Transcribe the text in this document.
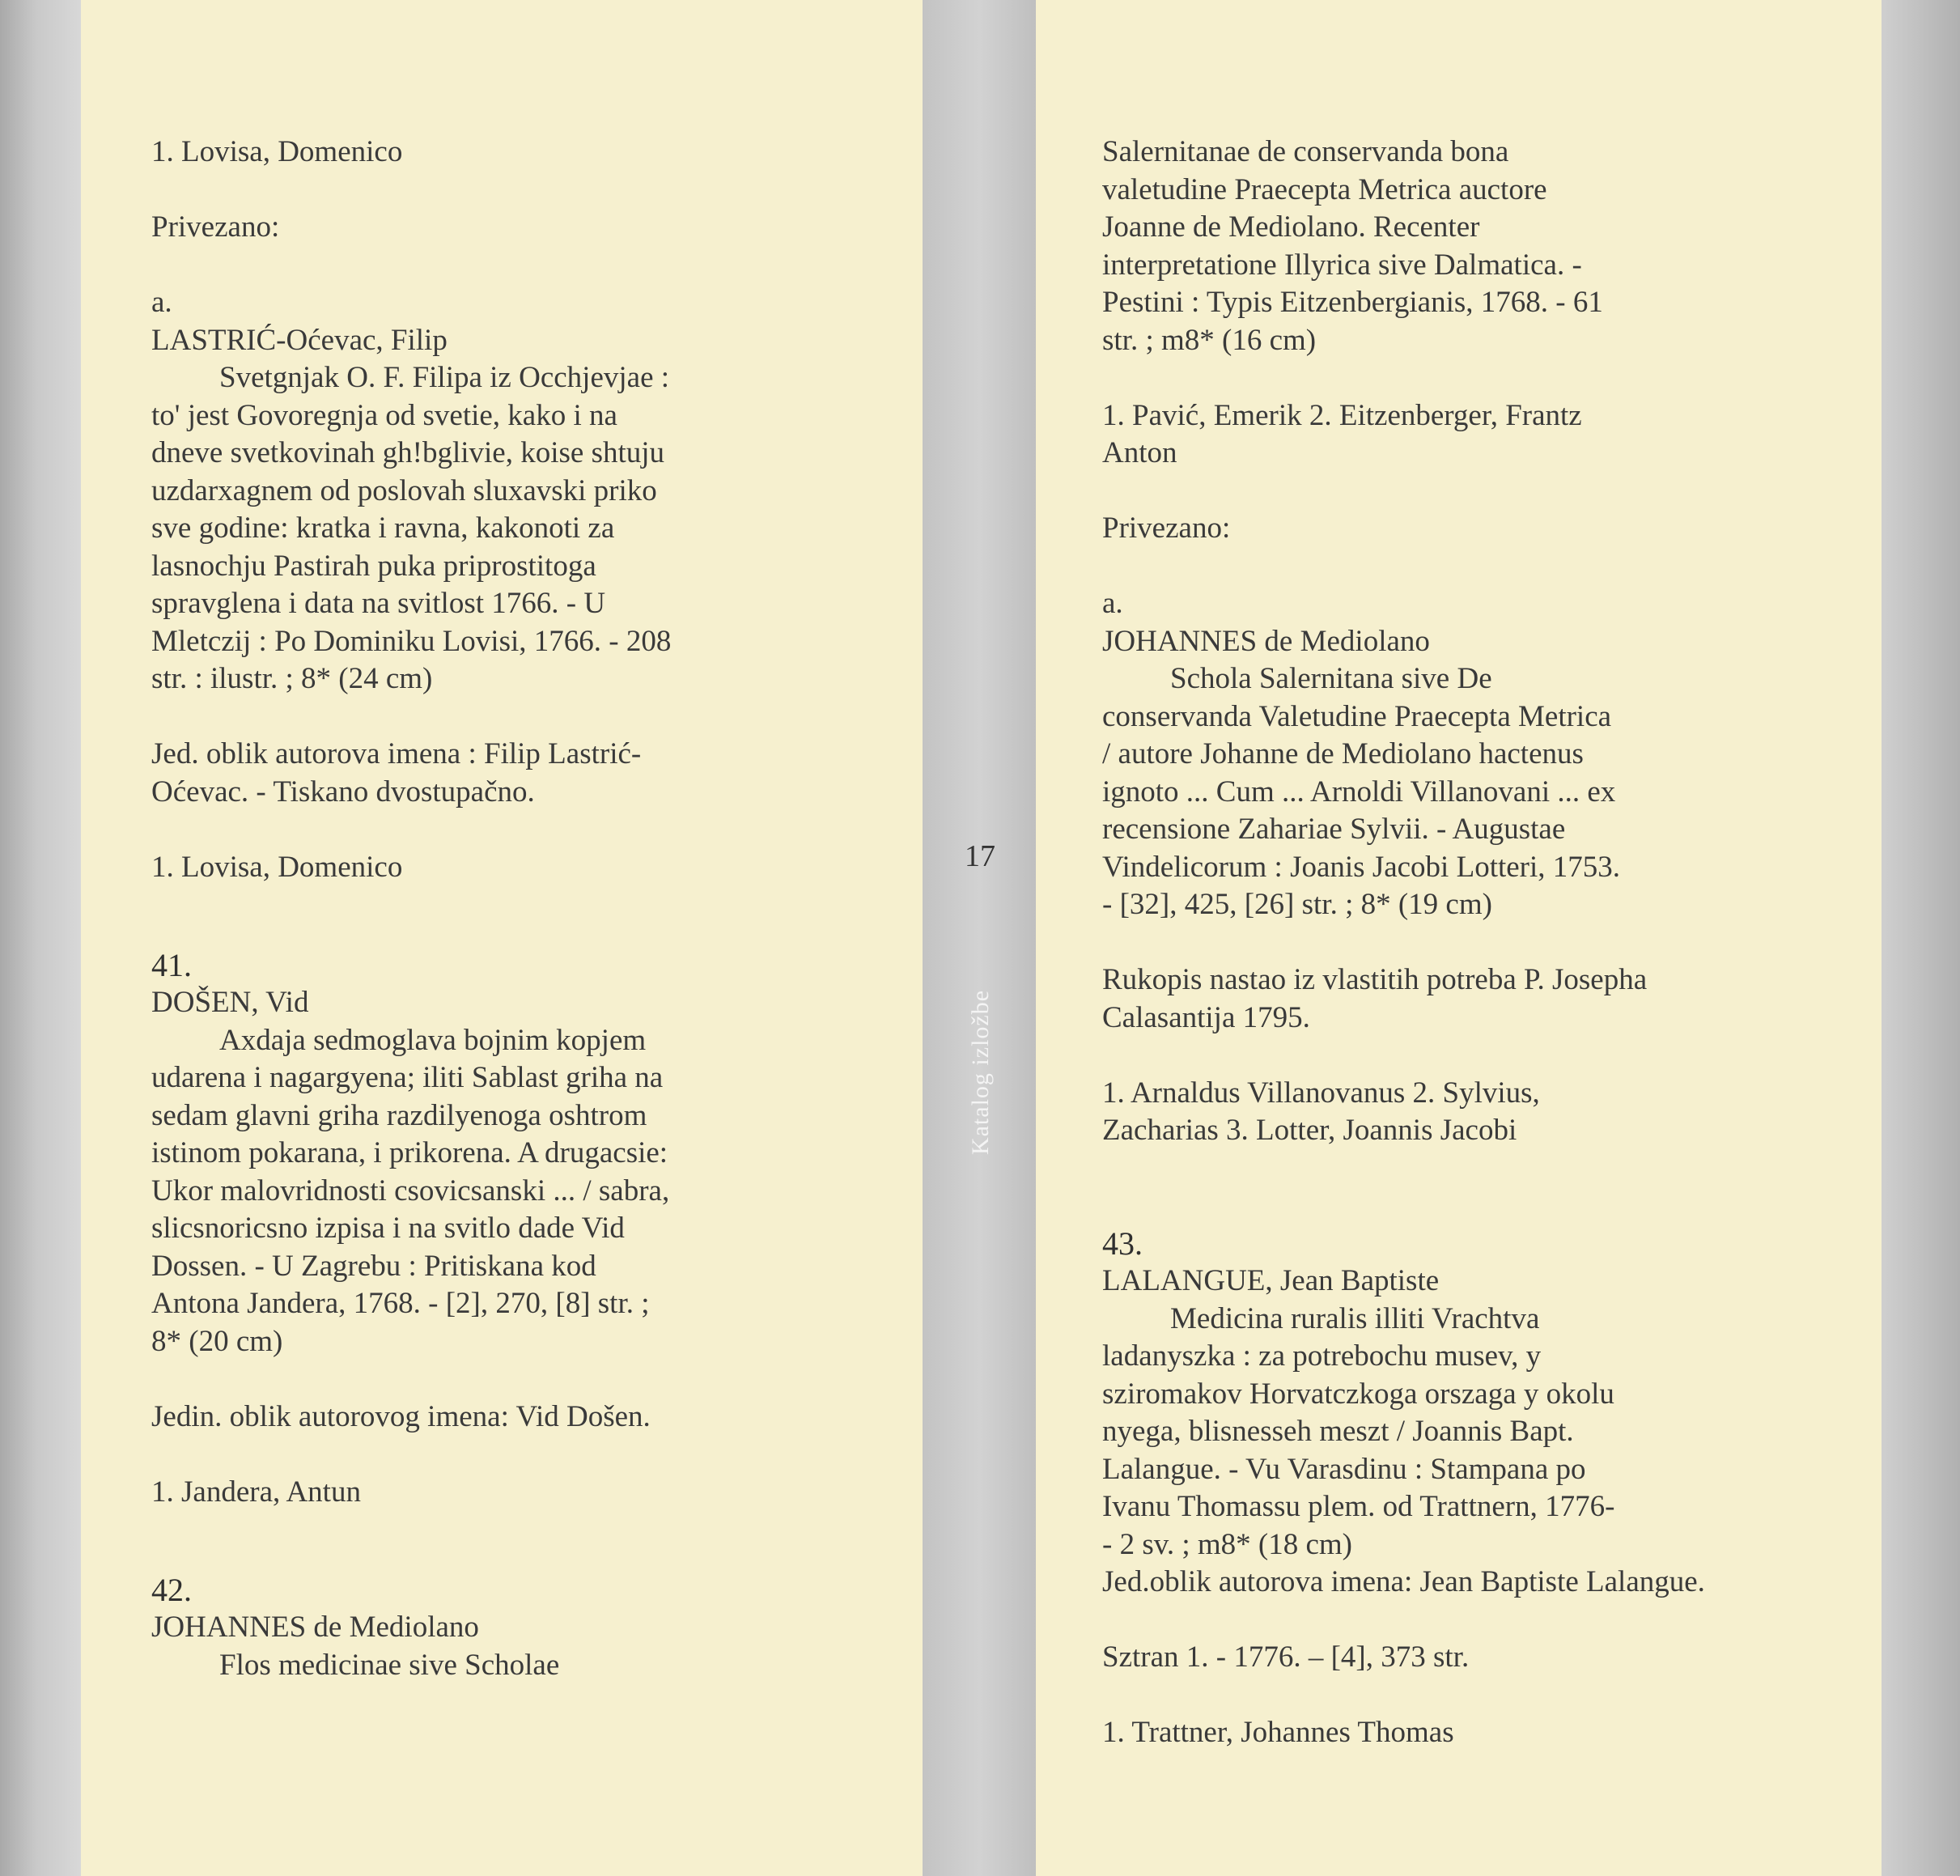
17
Katalog izložbe

1. Lovisa, Domenico

Privezano:

a.

LASTRIĆ-Oćevac, Filip

Svetgnjak O. F. Filipa iz Occhjevjae :
to' jest Govoregnja od svetie, kako i na
dneve svetkovinah gh!bglivie, koise shtuju
uzdarxagnem od poslovah sluxavski priko
sve godine: kratka i ravna, kakonoti za
lasnochju Pastirah puka priprostitoga
spravglena i data na svitlost 1766. - U
Mletczij : Po Dominiku Lovisi, 1766. - 208
str. : ilustr. ; 8* (24 cm)

Jed. oblik autorova imena : Filip Lastrić-
Oćevac. - Tiskano dvostupačno.

1. Lovisa, Domenico

41.

DOŠEN, Vid

Axdaja sedmoglava bojnim kopjem
udarena i nagargyena; iliti Sablast griha na
sedam glavni griha razdilyenoga oshtrom
istinom pokarana, i prikorena. A drugacsie:
Ukor malovridnosti csovicsanski ... / sabra,
slicsnoricsno izpisa i na svitlo dade Vid
Dossen. - U Zagrebu : Pritiskana kod
Antona Jandera, 1768. - [2], 270, [8] str. ;
8* (20 cm)

Jedin. oblik autorovog imena: Vid Došen.

1. Jandera, Antun

42.

JOHANNES de Mediolano

Flos medicinae sive Scholae

Salernitanae de conservanda bona
valetudine Praecepta Metrica auctore
Joanne de Mediolano. Recenter
interpretatione Illyrica sive Dalmatica. -
Pestini : Typis Eitzenbergianis, 1768. - 61
str. ; m8* (16 cm)

1. Pavić, Emerik 2. Eitzenberger, Frantz
Anton

Privezano:

a.

JOHANNES de Mediolano

Schola Salernitana sive De
conservanda Valetudine Praecepta Metrica
/ autore Johanne de Mediolano hactenus
ignoto ... Cum ... Arnoldi Villanovani ... ex
recensione Zahariae Sylvii. - Augustae
Vindelicorum : Joanis Jacobi Lotteri, 1753.
- [32], 425, [26] str. ; 8* (19 cm)

Rukopis nastao iz vlastitih potreba P. Josepha
Calasantija 1795.

1. Arnaldus Villanovanus 2. Sylvius,
Zacharias 3. Lotter, Joannis Jacobi

43.

LALANGUE, Jean Baptiste

Medicina ruralis illiti Vrachtva
ladanyszka : za potrebochu musev, y
sziromakov Horvatczkoga orszaga y okolu
nyega, blisnesseh meszt / Joannis Bapt.
Lalangue. - Vu Varasdinu : Stampana po
Ivanu Thomassu plem. od Trattnern, 1776-
- 2 sv. ; m8* (18 cm)
Jed.oblik autorova imena: Jean Baptiste Lalangue.

Sztran 1. - 1776. – [4], 373 str.

1. Trattner, Johannes Thomas
